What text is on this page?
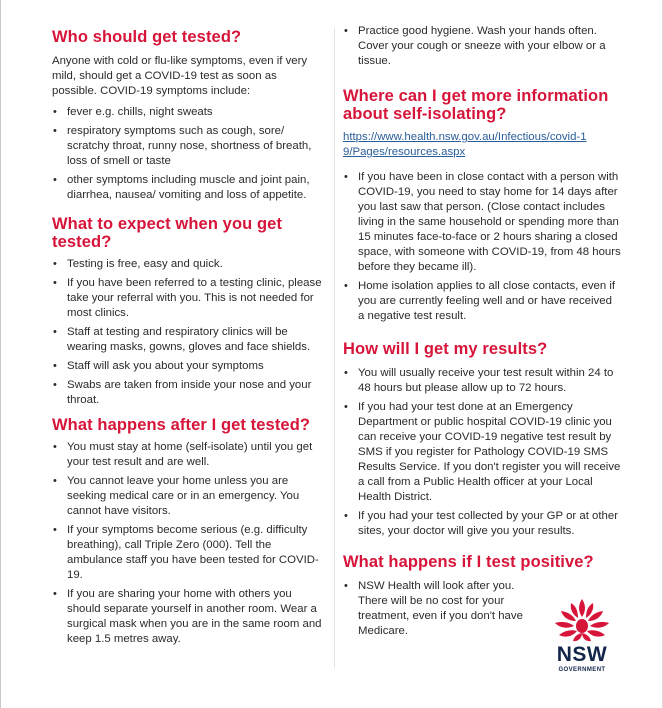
Who should get tested?

Anyone with cold or flu-like symptoms, even if very mild, should get a COVID-19 test as soon as possible. COVID-19 symptoms include:

• fever e.g. chills, night sweats
• respiratory symptoms such as cough, sore/ scratchy throat, runny nose, shortness of breath, loss of smell or taste
• other symptoms including muscle and joint pain, diarrhea, nausea/ vomiting and loss of appetite.
What to expect when you get tested?
• Testing is free, easy and quick.
• If you have been referred to a testing clinic, please take your referral with you. This is not needed for most clinics.
• Staff at testing and respiratory clinics will be wearing masks, gowns, gloves and face shields.
• Staff will ask you about your symptoms
• Swabs are taken from inside your nose and your throat.
What happens after I get tested?
• You must stay at home (self-isolate) until you get your test result and are well.
• You cannot leave your home unless you are seeking medical care or in an emergency. You cannot have visitors.
• If your symptoms become serious (e.g. difficulty breathing), call Triple Zero (000). Tell the ambulance staff you have been tested for COVID-19.
• If you are sharing your home with others you should separate yourself in another room. Wear a surgical mask when you are in the same room and keep 1.5 metres away.
• Practice good hygiene. Wash your hands often. Cover your cough or sneeze with your elbow or a tissue.
Where can I get more information about self-isolating?
https://www.health.nsw.gov.au/Infectious/covid-19/Pages/resources.aspx
• If you have been in close contact with a person with COVID-19, you need to stay home for 14 days after you last saw that person. (Close contact includes living in the same household or spending more than 15 minutes face-to-face or 2 hours sharing a closed space, with someone with COVID-19, from 48 hours before they became ill).
• Home isolation applies to all close contacts, even if you are currently feeling well and or have received a negative test result.
How will I get my results?
• You will usually receive your test result within 24 to 48 hours but please allow up to 72 hours.
• If you had your test done at an Emergency Department or public hospital COVID-19 clinic you can receive your COVID-19 negative test result by SMS if you register for Pathology COVID-19 SMS Results Service. If you don't register you will receive a call from a Public Health officer at your Local Health District.
• If you had your test collected by your GP or at other sites, your doctor will give you your results.
What happens if I test positive?
• NSW Health will look after you. There will be no cost for your treatment, even if you don't have Medicare.
NSW
GOVERNMENT
